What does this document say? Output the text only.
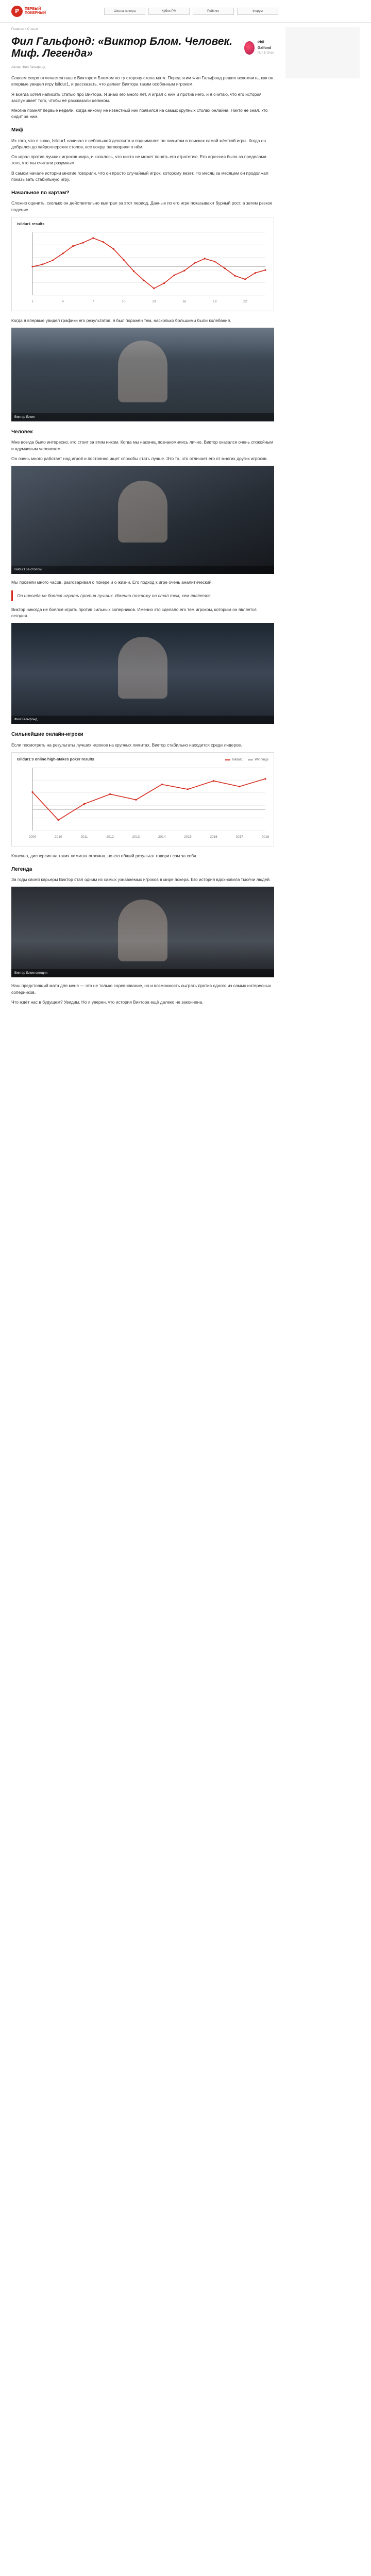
P	ПЕРВЫЙ
ПОКЕРНЫЙ
Школа покера	Кубок PM	Рейтинг	Форум
Главная › Статьи
Фил Гальфонд: «Виктор Блом. Человек. Миф. Легенда»
Phil Galfond
Run It Once
Автор: Фил Гальфонд

Совсем скоро отмечается наш с Виктором Бломом по ту сторону стола матч. Перед этим Фил Гальфонд решил вспомнить, как он впервые увидел игру Isildur1, и рассказать, что делает Виктора таким особенным игроком.

Я всегда хотел написать статью про Виктора. Я знаю его много лет, я играл с ним и против него, и я считаю, что его история заслуживает того, чтобы её рассказали целиком.

Многие помнят первые недели, когда никому не известный ник появился на самых крупных столах онлайна. Никто не знал, кто сидит за ним.

Миф

Из того, что я знаю, Isildur1 начинал с небольшой депозита и поднимался по лимитам в поисках самой жёсткой игры. Когда он добрался до хайроллерских столов, все вокруг заговорили о нём.

Он играл против лучших игроков мира, и казалось, что никто не может понять его стратегию. Его агрессия была за пределами того, что мы считали разумным.

В самом начале истории многие говорили, что он просто случайный игрок, которому везёт. Но месяц за месяцем он продолжал показывать стабильную игру.

Начальное по картам?

Сложно оценить, сколько он действительно выиграл за этот период. Данные по его игре показывают бурный рост, а затем резкое падение.

Isildur1 results
1	4	7	10	13	16	19	22

Когда я впервые увидел графики его результатов, я был поражён тем, насколько большими были колебания.

Виктор Блом
Человек

Мне всегда было интересно, кто стоит за этим ником. Когда мы наконец познакомились лично, Виктор оказался очень спокойным и вдумчивым человеком.

Он очень много работает над игрой и постоянно ищет способы стать лучше. Это то, что отличает его от многих других игроков.

Isildur1 за столом

Мы провели много часов, разговаривая о покере и о жизни. Его подход к игре очень аналитический.

Он никогда не боялся играть против лучших. Именно поэтому он стал тем, кем является.

Виктор никогда не боялся играть против сильных соперников. Именно это сделало его тем игроком, которым он является сегодня.

Фил Гальфонд
Сильнейшие онлайн-игроки

Если посмотреть на результаты лучших игроков на крупных лимитах, Виктор стабильно находится среди лидеров.

Isildur1's online high-stakes poker results	Isildur1	Winnings
2009	2010	2011	2012	2013	2014	2015	2016	2017	2018

Конечно, дисперсия на таких лимитах огромна, но его общий результат говорит сам за себя.

Легенда

За годы своей карьеры Виктор стал одним из самых узнаваемых игроков в мире покера. Его история вдохновила тысячи людей.

Виктор Блом сегодня

Наш предстоящий матч для меня — это не только соревнование, но и возможность сыграть против одного из самых интересных соперников.

Что ждёт нас в будущем? Увидим. Но я уверен, что история Виктора ещё далеко не закончена.
